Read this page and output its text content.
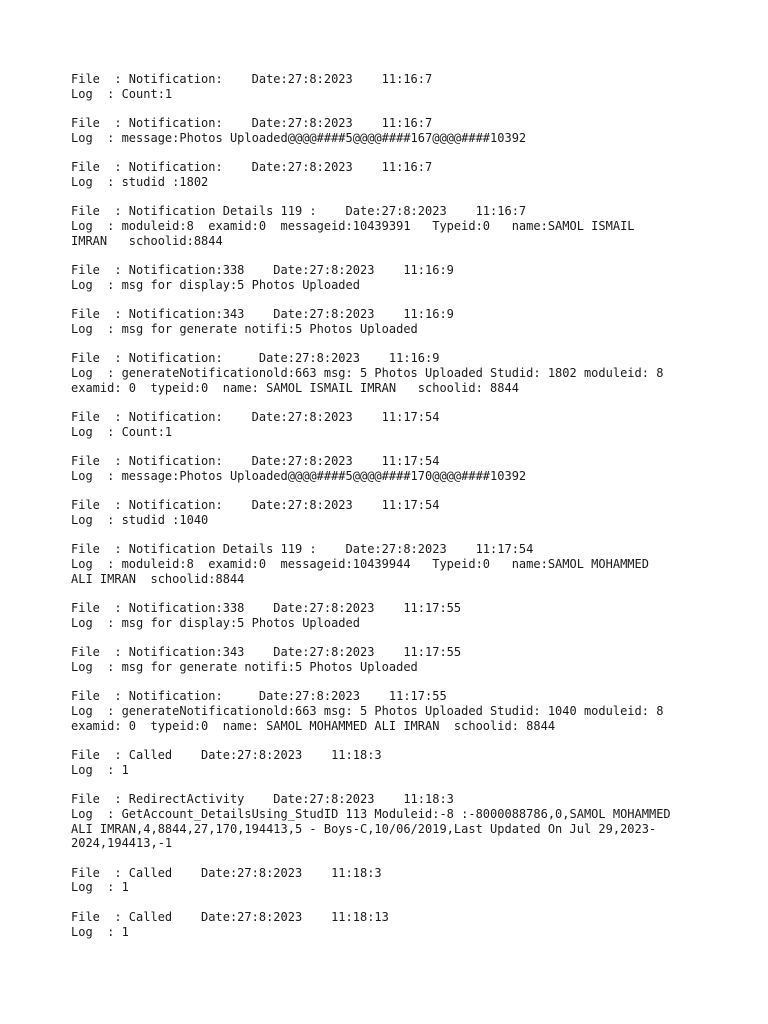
File  : Notification:    Date:27:8:2023    11:16:7
Log  : Count:1
File  : Notification:    Date:27:8:2023    11:16:7
Log  : message:Photos Uploaded@@@@####5@@@@####167@@@@####10392
File  : Notification:    Date:27:8:2023    11:16:7
Log  : studid :1802
File  : Notification Details 119 :    Date:27:8:2023    11:16:7
Log  : moduleid:8  examid:0  messageid:10439391   Typeid:0   name:SAMOL ISMAIL
IMRAN   schoolid:8844
File  : Notification:338    Date:27:8:2023    11:16:9
Log  : msg for display:5 Photos Uploaded
File  : Notification:343    Date:27:8:2023    11:16:9
Log  : msg for generate notifi:5 Photos Uploaded
File  : Notification:     Date:27:8:2023    11:16:9
Log  : generateNotificationold:663 msg: 5 Photos Uploaded Studid: 1802 moduleid: 8
examid: 0  typeid:0  name: SAMOL ISMAIL IMRAN   schoolid: 8844
File  : Notification:    Date:27:8:2023    11:17:54
Log  : Count:1
File  : Notification:    Date:27:8:2023    11:17:54
Log  : message:Photos Uploaded@@@@####5@@@@####170@@@@####10392
File  : Notification:    Date:27:8:2023    11:17:54
Log  : studid :1040
File  : Notification Details 119 :    Date:27:8:2023    11:17:54
Log  : moduleid:8  examid:0  messageid:10439944   Typeid:0   name:SAMOL MOHAMMED
ALI IMRAN  schoolid:8844
File  : Notification:338    Date:27:8:2023    11:17:55
Log  : msg for display:5 Photos Uploaded
File  : Notification:343    Date:27:8:2023    11:17:55
Log  : msg for generate notifi:5 Photos Uploaded
File  : Notification:     Date:27:8:2023    11:17:55
Log  : generateNotificationold:663 msg: 5 Photos Uploaded Studid: 1040 moduleid: 8
examid: 0  typeid:0  name: SAMOL MOHAMMED ALI IMRAN  schoolid: 8844
File  : Called    Date:27:8:2023    11:18:3
Log  : 1
File  : RedirectActivity    Date:27:8:2023    11:18:3
Log  : GetAccount_DetailsUsing_StudID 113 Moduleid:-8 :-8000088786,0,SAMOL MOHAMMED
ALI IMRAN,4,8844,27,170,194413,5 - Boys-C,10/06/2019,Last Updated On Jul 29,2023-
2024,194413,-1
File  : Called    Date:27:8:2023    11:18:3
Log  : 1
File  : Called    Date:27:8:2023    11:18:13
Log  : 1
